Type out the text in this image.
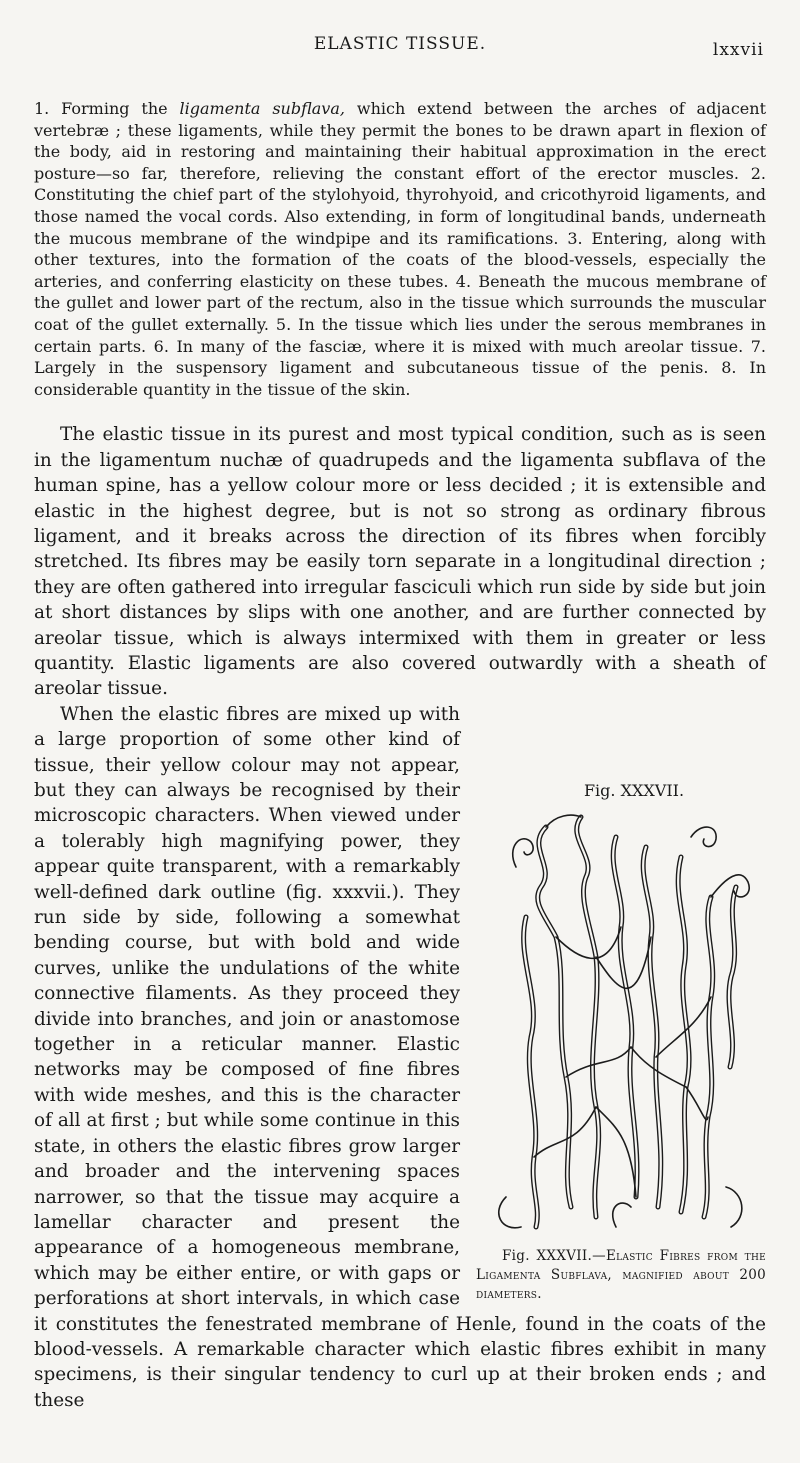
ELASTIC TISSUE.	lxxvii

1. Forming the ligamenta subflava, which extend between the arches of adjacent vertebræ ; these ligaments, while they permit the bones to be drawn apart in flexion of the body, aid in restoring and maintaining their habitual approximation in the erect posture—so far, therefore, relieving the constant effort of the erector muscles. 2. Constituting the chief part of the stylohyoid, thyrohyoid, and cricothyroid ligaments, and those named the vocal cords. Also extending, in form of longitudinal bands, underneath the mucous membrane of the windpipe and its ramifications. 3. Entering, along with other textures, into the formation of the coats of the blood-vessels, especially the arteries, and conferring elasticity on these tubes. 4. Beneath the mucous membrane of the gullet and lower part of the rectum, also in the tissue which surrounds the muscular coat of the gullet externally. 5. In the tissue which lies under the serous membranes in certain parts. 6. In many of the fasciæ, where it is mixed with much areolar tissue. 7. Largely in the suspensory ligament and subcutaneous tissue of the penis. 8. In considerable quantity in the tissue of the skin.

The elastic tissue in its purest and most typical condition, such as is seen in the ligamentum nuchæ of quadrupeds and the ligamenta subflava of the human spine, has a yellow colour more or less decided ; it is extensible and elastic in the highest degree, but is not so strong as ordinary fibrous ligament, and it breaks across the direction of its fibres when forcibly stretched. Its fibres may be easily torn separate in a longitudinal direction ; they are often gathered into irregular fasciculi which run side by side but join at short distances by slips with one another, and are further connected by areolar tissue, which is always intermixed with them in greater or less quantity. Elastic ligaments are also covered outwardly with a sheath of areolar tissue.

Fig. XXXVII.
Fig. XXXVII.—Elastic Fibres from the Ligamenta Subflava, magnified about 200 diameters.
When the elastic fibres are mixed up with a large proportion of some other kind of tissue, their yellow colour may not appear, but they can always be recognised by their microscopic characters. When viewed under a tolerably high magnifying power, they appear quite transparent, with a remarkably well-defined dark outline (fig. xxxvii.). They run side by side, following a somewhat bending course, but with bold and wide curves, unlike the undulations of the white connective filaments. As they proceed they divide into branches, and join or anastomose together in a reticular manner. Elastic networks may be composed of fine fibres with wide meshes, and this is the character of all at first ; but while some continue in this state, in others the elastic fibres grow larger and broader and the intervening spaces narrower, so that the tissue may acquire a lamellar character and present the appearance of a homogeneous membrane, which may be either entire, or with gaps or perforations at short intervals, in which case it constitutes the fenestrated membrane of Henle, found in the coats of the blood-vessels. A remarkable character which elastic fibres exhibit in many specimens, is their singular tendency to curl up at their broken ends ; and these
